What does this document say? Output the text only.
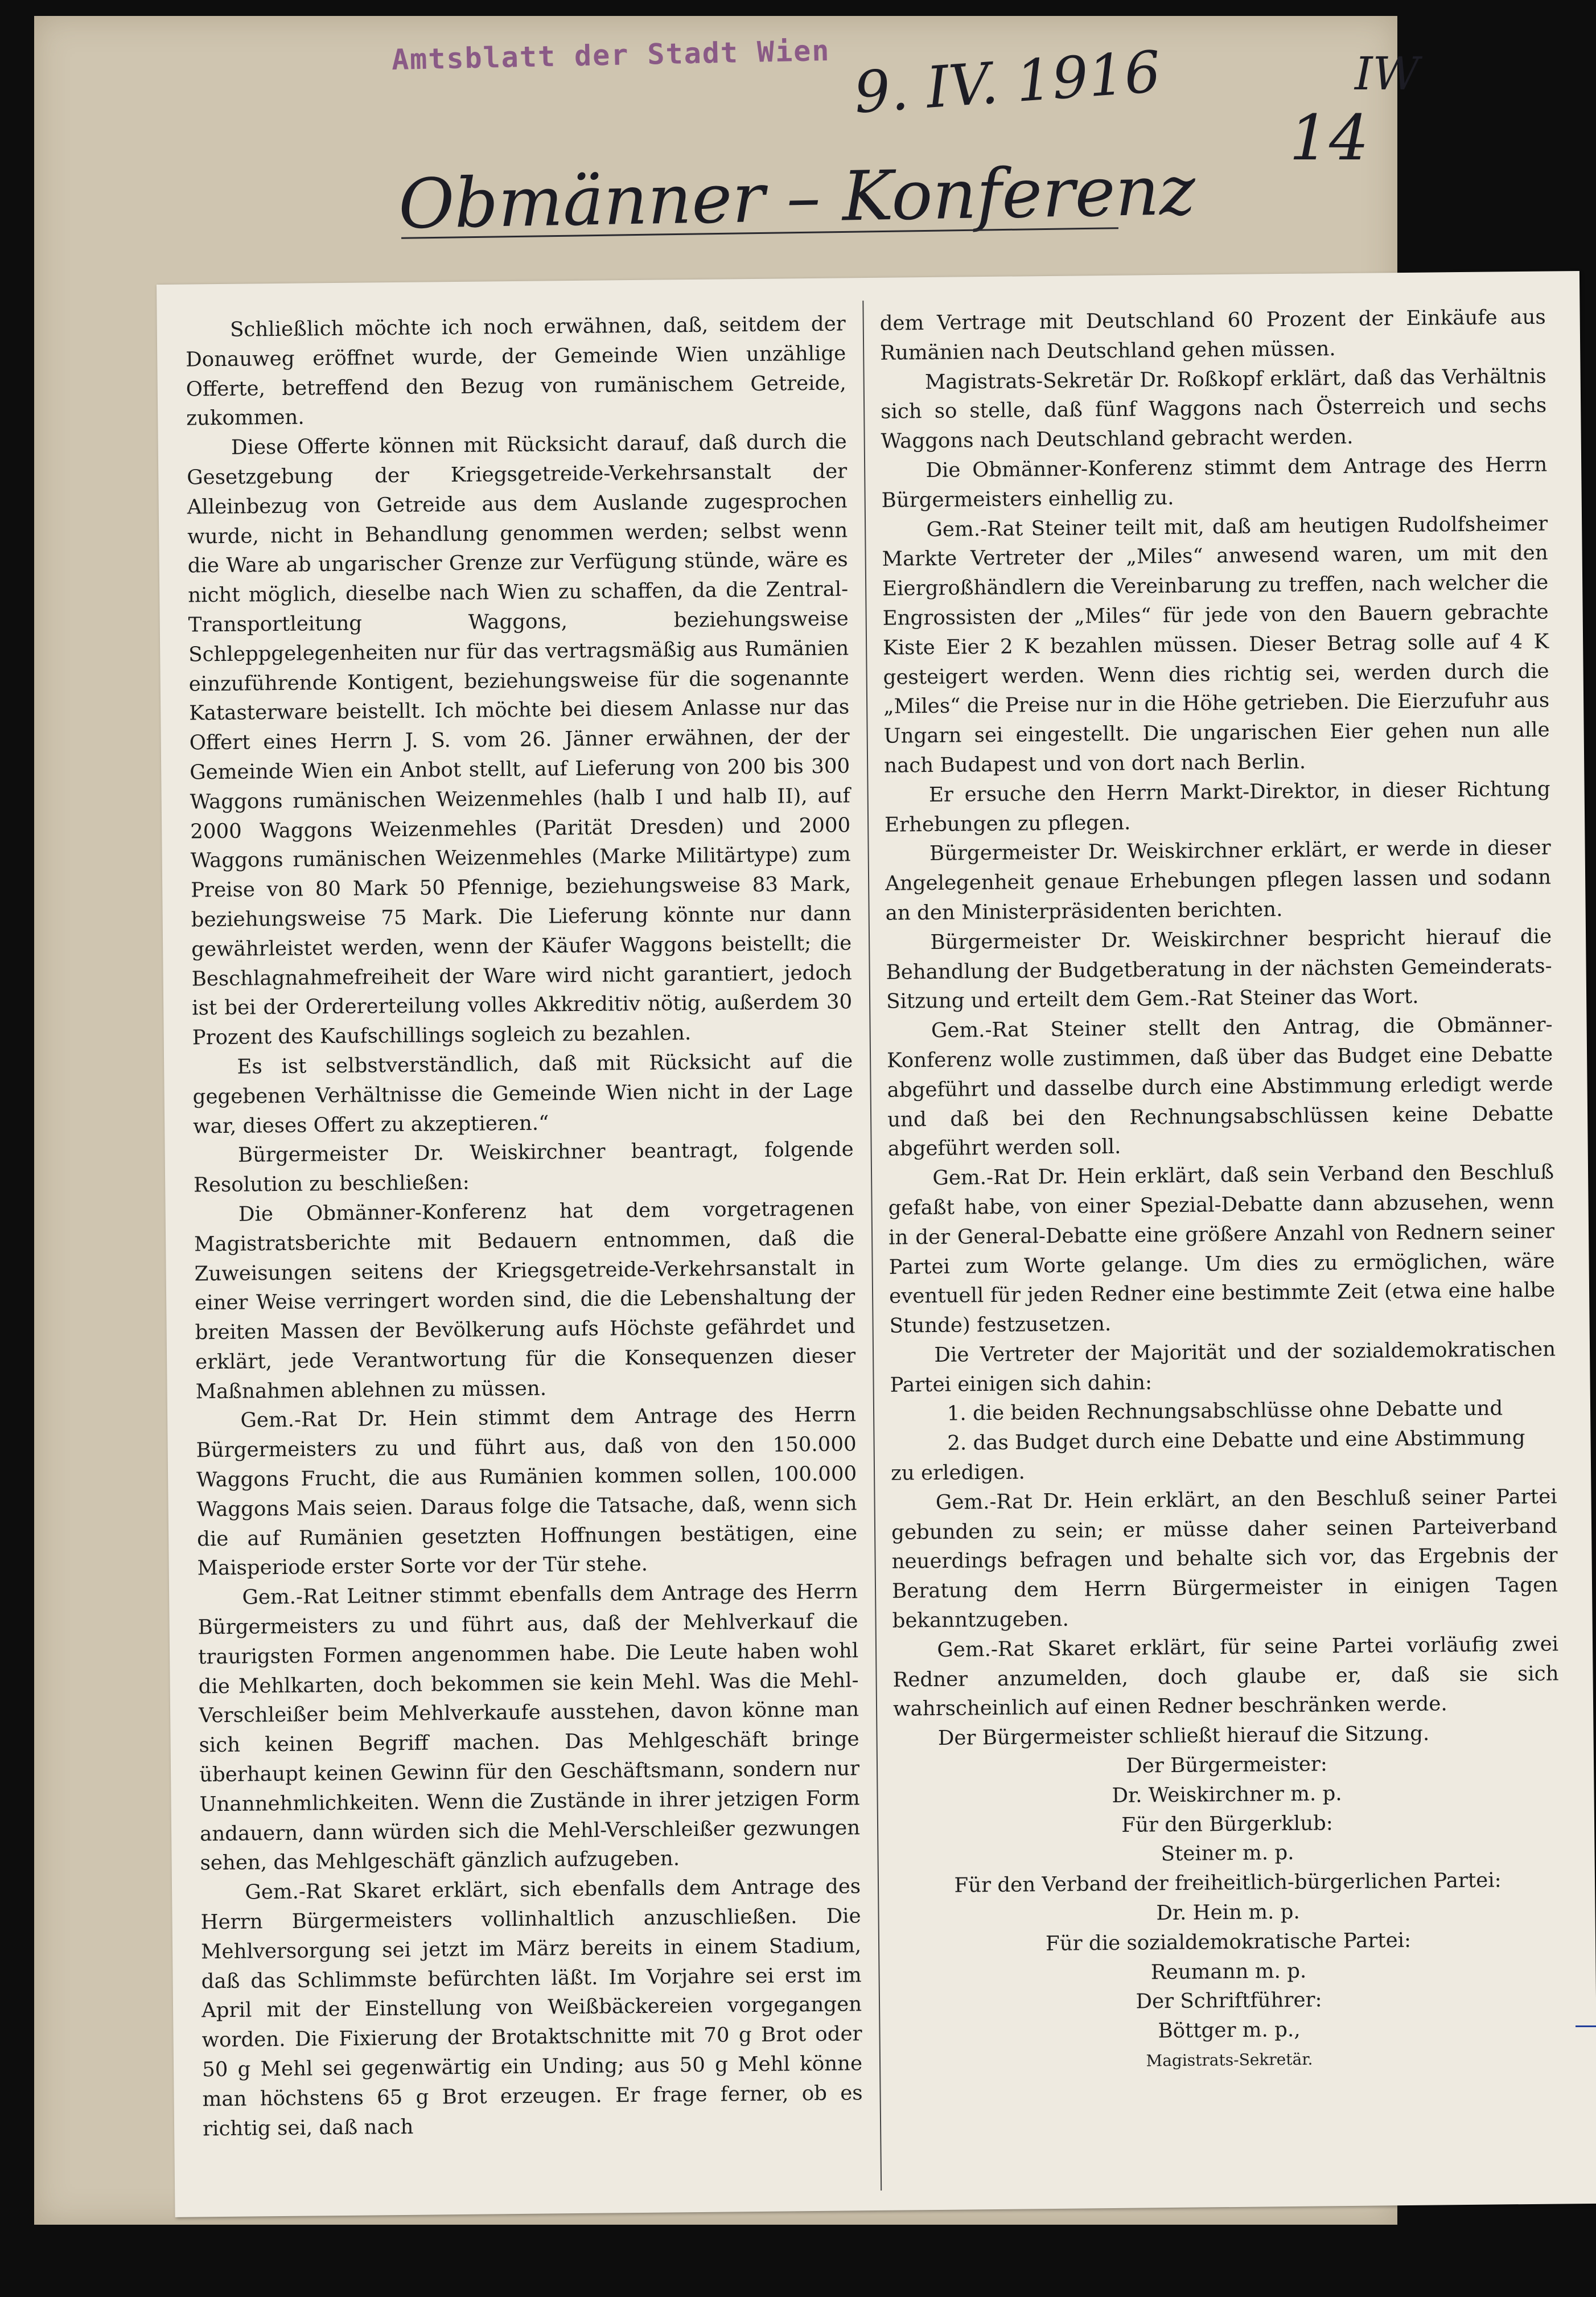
Amtsblatt der Stadt Wien 9. IV. 1916	IW
14
Obmänner – Konferenz

Schließlich möchte ich noch erwähnen, daß, seitdem der Donauweg eröffnet wurde, der Gemeinde Wien unzählige Offerte, betreffend den Bezug von rumänischem Getreide, zukommen.

Diese Offerte können mit Rücksicht darauf, daß durch die Gesetzgebung der Kriegsgetreide-Verkehrsanstalt der Alleinbezug von Getreide aus dem Auslande zugesprochen wurde, nicht in Behandlung genommen werden; selbst wenn die Ware ab ungarischer Grenze zur Verfügung stünde, wäre es nicht möglich, dieselbe nach Wien zu schaffen, da die Zentral-Transportleitung Waggons, beziehungsweise Schleppgelegenheiten nur für das vertragsmäßig aus Rumänien einzuführende Kontigent, beziehungsweise für die sogenannte Katasterware beistellt. Ich möchte bei diesem Anlasse nur das Offert eines Herrn J. S. vom 26. Jänner erwähnen, der der Gemeinde Wien ein Anbot stellt, auf Lieferung von 200 bis 300 Waggons rumänischen Weizenmehles (halb I und halb II), auf 2000 Waggons Weizenmehles (Parität Dresden) und 2000 Waggons rumänischen Weizenmehles (Marke Militärtype) zum Preise von 80 Mark 50 Pfennige, beziehungsweise 83 Mark, beziehungsweise 75 Mark. Die Lieferung könnte nur dann gewährleistet werden, wenn der Käufer Waggons beistellt; die Beschlagnahmefreiheit der Ware wird nicht garantiert, jedoch ist bei der Ordererteilung volles Akkreditiv nötig, außerdem 30 Prozent des Kaufschillings sogleich zu bezahlen.

Es ist selbstverständlich, daß mit Rücksicht auf die gegebenen Verhältnisse die Gemeinde Wien nicht in der Lage war, dieses Offert zu akzeptieren.“

Bürgermeister Dr. Weiskirchner beantragt, folgende Resolution zu beschließen:

Die Obmänner-Konferenz hat dem vorgetragenen Magistratsberichte mit Bedauern entnommen, daß die Zuweisungen seitens der Kriegsgetreide-Verkehrsanstalt in einer Weise verringert worden sind, die die Lebenshaltung der breiten Massen der Bevölkerung aufs Höchste gefährdet und erklärt, jede Verantwortung für die Konsequenzen dieser Maßnahmen ablehnen zu müssen.

Gem.-Rat Dr. Hein stimmt dem Antrage des Herrn Bürgermeisters zu und führt aus, daß von den 150.000 Waggons Frucht, die aus Rumänien kommen sollen, 100.000 Waggons Mais seien. Daraus folge die Tatsache, daß, wenn sich die auf Rumänien gesetzten Hoffnungen bestätigen, eine Maisperiode erster Sorte vor der Tür stehe.

Gem.-Rat Leitner stimmt ebenfalls dem Antrage des Herrn Bürgermeisters zu und führt aus, daß der Mehlverkauf die traurigsten Formen angenommen habe. Die Leute haben wohl die Mehlkarten, doch bekommen sie kein Mehl. Was die Mehl-Verschleißer beim Mehlverkaufe ausstehen, davon könne man sich keinen Begriff machen. Das Mehlgeschäft bringe überhaupt keinen Gewinn für den Geschäftsmann, sondern nur Unannehmlichkeiten. Wenn die Zustände in ihrer jetzigen Form andauern, dann würden sich die Mehl-Verschleißer gezwungen sehen, das Mehlgeschäft gänzlich aufzugeben.

Gem.-Rat Skaret erklärt, sich ebenfalls dem Antrage des Herrn Bürgermeisters vollinhaltlich anzuschließen. Die Mehlversorgung sei jetzt im März bereits in einem Stadium, daß das Schlimmste befürchten läßt. Im Vorjahre sei erst im April mit der Einstellung von Weißbäckereien vorgegangen worden. Die Fixierung der Brotaktschnitte mit 70 g Brot oder 50 g Mehl sei gegenwärtig ein Unding; aus 50 g Mehl könne man höchstens 65 g Brot erzeugen. Er frage ferner, ob es richtig sei, daß nach

dem Vertrage mit Deutschland 60 Prozent der Einkäufe aus Rumänien nach Deutschland gehen müssen.

Magistrats-Sekretär Dr. Roßkopf erklärt, daß das Verhältnis sich so stelle, daß fünf Waggons nach Österreich und sechs Waggons nach Deutschland gebracht werden.

Die Obmänner-Konferenz stimmt dem Antrage des Herrn Bürgermeisters einhellig zu.

Gem.-Rat Steiner teilt mit, daß am heutigen Rudolfsheimer Markte Vertreter der „Miles“ anwesend waren, um mit den Eiergroßhändlern die Vereinbarung zu treffen, nach welcher die Engrossisten der „Miles“ für jede von den Bauern gebrachte Kiste Eier 2 K bezahlen müssen. Dieser Betrag solle auf 4 K gesteigert werden. Wenn dies richtig sei, werden durch die „Miles“ die Preise nur in die Höhe getrieben. Die Eierzufuhr aus Ungarn sei eingestellt. Die ungarischen Eier gehen nun alle nach Budapest und von dort nach Berlin.

Er ersuche den Herrn Markt-Direktor, in dieser Richtung Erhebungen zu pflegen.

Bürgermeister Dr. Weiskirchner erklärt, er werde in dieser Angelegenheit genaue Erhebungen pflegen lassen und sodann an den Ministerpräsidenten berichten.

Bürgermeister Dr. Weiskirchner bespricht hierauf die Behandlung der Budgetberatung in der nächsten Gemeinderats-Sitzung und erteilt dem Gem.-Rat Steiner das Wort.

Gem.-Rat Steiner stellt den Antrag, die Obmänner-Konferenz wolle zustimmen, daß über das Budget eine Debatte abgeführt und dasselbe durch eine Abstimmung erledigt werde und daß bei den Rechnungsabschlüssen keine Debatte abgeführt werden soll.

Gem.-Rat Dr. Hein erklärt, daß sein Verband den Beschluß gefaßt habe, von einer Spezial-Debatte dann abzusehen, wenn in der General-Debatte eine größere Anzahl von Rednern seiner Partei zum Worte gelange. Um dies zu ermöglichen, wäre eventuell für jeden Redner eine bestimmte Zeit (etwa eine halbe Stunde) festzusetzen.

Die Vertreter der Majorität und der sozialdemokratischen Partei einigen sich dahin:

1. die beiden Rechnungsabschlüsse ohne Debatte und

2. das Budget durch eine Debatte und eine Abstimmung

zu erledigen.

Gem.-Rat Dr. Hein erklärt, an den Beschluß seiner Partei gebunden zu sein; er müsse daher seinen Parteiverband neuerdings befragen und behalte sich vor, das Ergebnis der Beratung dem Herrn Bürgermeister in einigen Tagen bekanntzugeben.

Gem.-Rat Skaret erklärt, für seine Partei vorläufig zwei Redner anzumelden, doch glaube er, daß sie sich wahrscheinlich auf einen Redner beschränken werde.

Der Bürgermeister schließt hierauf die Sitzung.

Der Bürgermeister:

Dr. Weiskirchner m. p.

Für den Bürgerklub:

Steiner m. p.

Für den Verband der freiheitlich-bürgerlichen Partei:

Dr. Hein m. p.

Für die sozialdemokratische Partei:

Reumann m. p.

Der Schriftführer:

Böttger m. p.,

Magistrats-Sekretär.
